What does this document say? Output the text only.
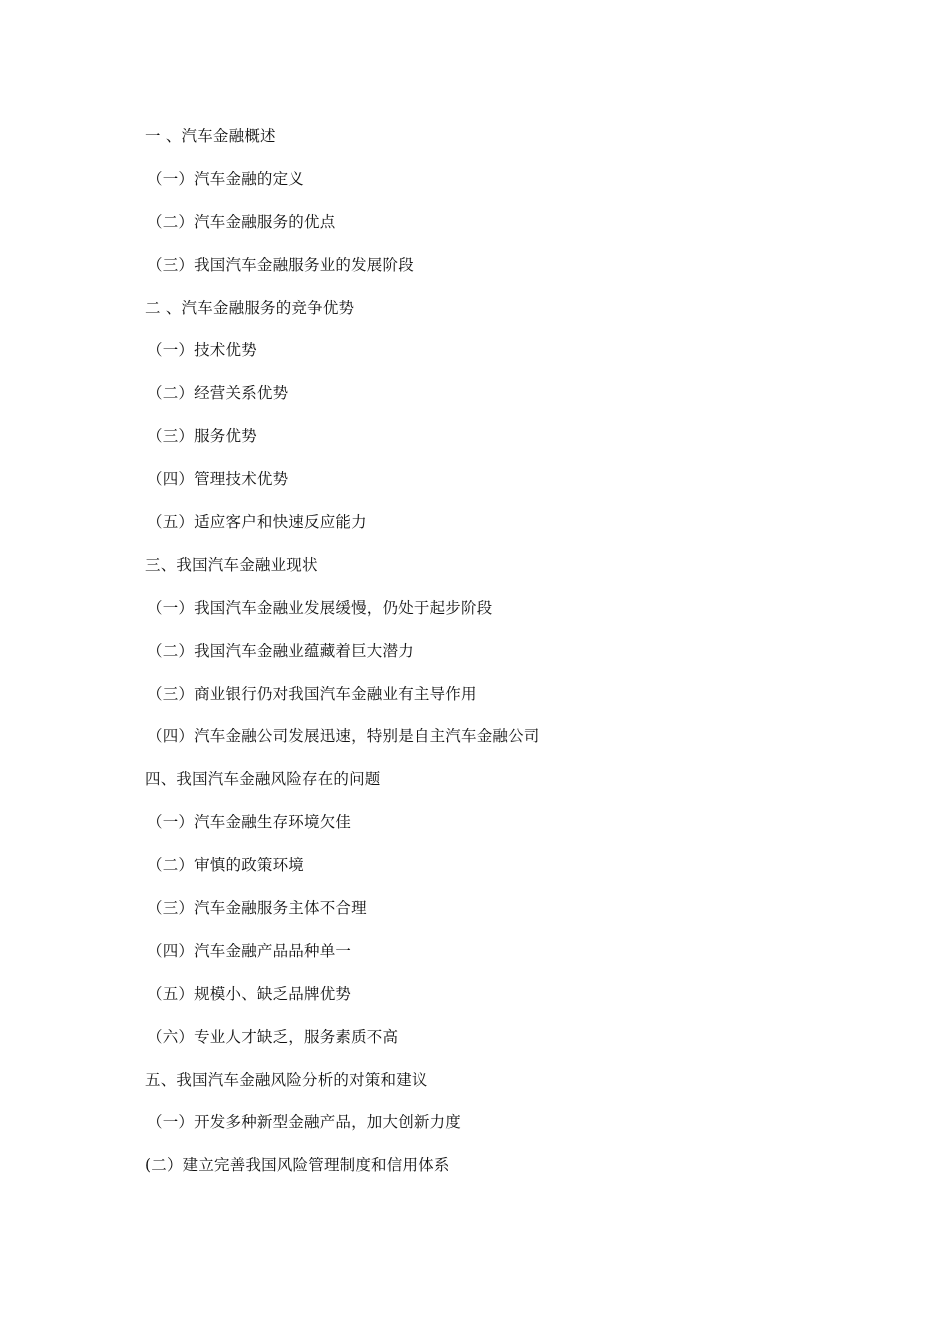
一 、汽车金融概述
（一）汽车金融的定义
（二）汽车金融服务的优点
（三）我国汽车金融服务业的发展阶段
二 、汽车金融服务的竞争优势
（一）技术优势
（二）经营关系优势
（三）服务优势
（四）管理技术优势
（五）适应客户和快速反应能力
三、我国汽车金融业现状
（一）我国汽车金融业发展缓慢，仍处于起步阶段
（二）我国汽车金融业蕴藏着巨大潜力
（三）商业银行仍对我国汽车金融业有主导作用
（四）汽车金融公司发展迅速，特别是自主汽车金融公司
四、我国汽车金融风险存在的问题
（一）汽车金融生存环境欠佳
（二）审慎的政策环境
（三）汽车金融服务主体不合理
（四）汽车金融产品品种单一
（五）规模小、缺乏品牌优势
（六）专业人才缺乏，服务素质不高
五、我国汽车金融风险分析的对策和建议
（一）开发多种新型金融产品，加大创新力度
(二）建立完善我国风险管理制度和信用体系
